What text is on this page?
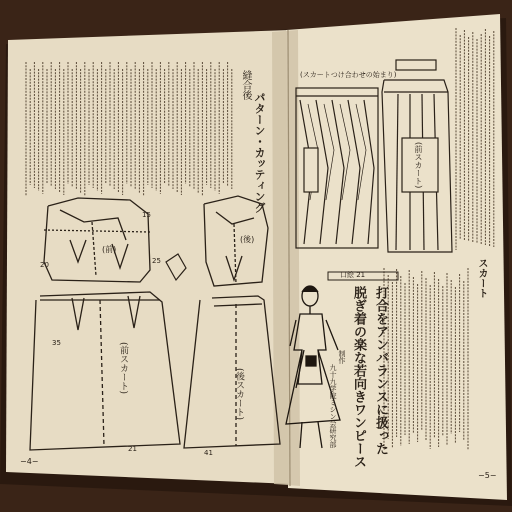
縫合後
パターン・カッティング
(前)
(後)
(前スカート)	(後スカート)
−4−
21	41
20	25
35
15
(スカートつけ合わせの始まり)
(前スカート)
口絵 21
打合をアンバランスに扱った
脱ぎ着の楽な若向きワンピース
制作
九十九学院ミシン会研究部
スカート
−5−
